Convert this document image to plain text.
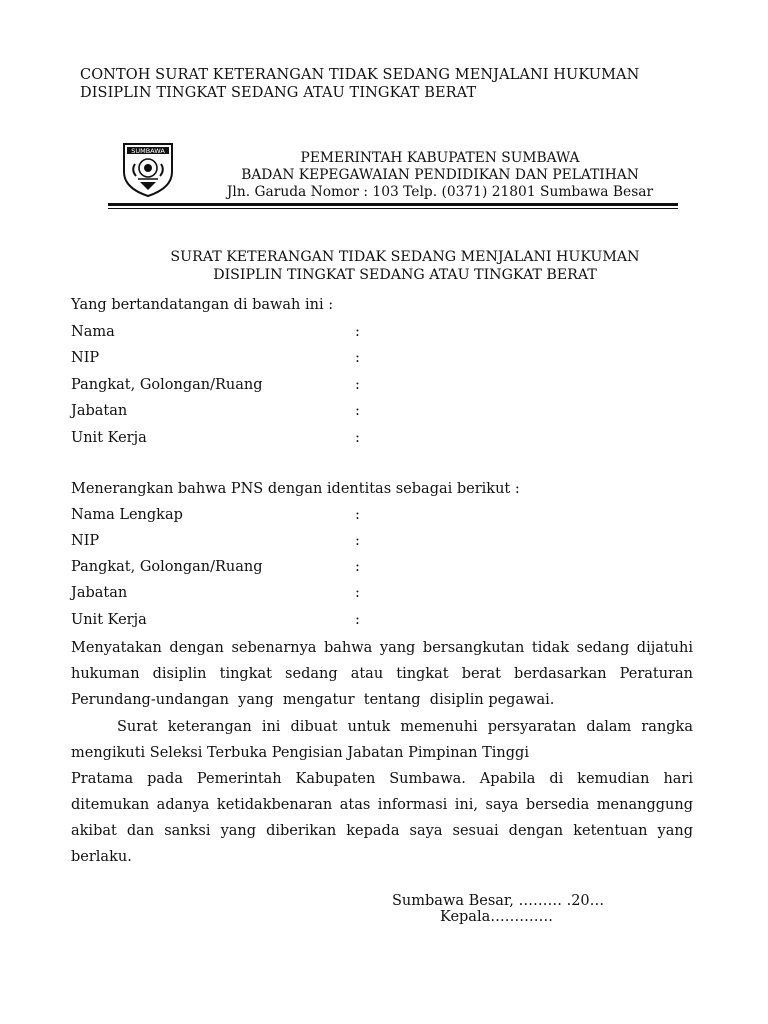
CONTOH SURAT KETERANGAN TIDAK SEDANG MENJALANI HUKUMAN
DISIPLIN TINGKAT SEDANG ATAU TINGKAT BERAT
SUMBAWA	PEMERINTAH KABUPATEN SUMBAWA
BADAN KEPEGAWAIAN PENDIDIKAN DAN PELATIHAN
Jln. Garuda Nomor : 103 Telp. (0371) 21801 Sumbawa Besar
SURAT KETERANGAN TIDAK SEDANG MENJALANI HUKUMAN
DISIPLIN TINGKAT SEDANG ATAU TINGKAT BERAT
Yang bertandatangan di bawah ini :
Nama	:
NIP	:
Pangkat, Golongan/Ruang	:
Jabatan	:
Unit Kerja	:
Menerangkan bahwa PNS dengan identitas sebagai berikut :
Nama Lengkap	:
NIP	:
Pangkat, Golongan/Ruang	:
Jabatan	:
Unit Kerja	:
Menyatakan dengan sebenarnya bahwa yang bersangkutan tidak sedang dijatuhi
hukuman disiplin tingkat sedang atau tingkat berat berdasarkan Peraturan
Perundang-undangan  yang  mengatur  tentang  disiplin pegawai.
Surat keterangan ini dibuat untuk memenuhi persyaratan dalam rangka
mengikuti Seleksi Terbuka Pengisian Jabatan Pimpinan Tinggi
Pratama pada Pemerintah Kabupaten Sumbawa. Apabila di kemudian hari
ditemukan adanya ketidakbenaran atas informasi ini, saya bersedia menanggung
akibat dan sanksi yang diberikan kepada saya sesuai dengan ketentuan yang
berlaku.
Sumbawa Besar, ……… .20…
Kepala………….
